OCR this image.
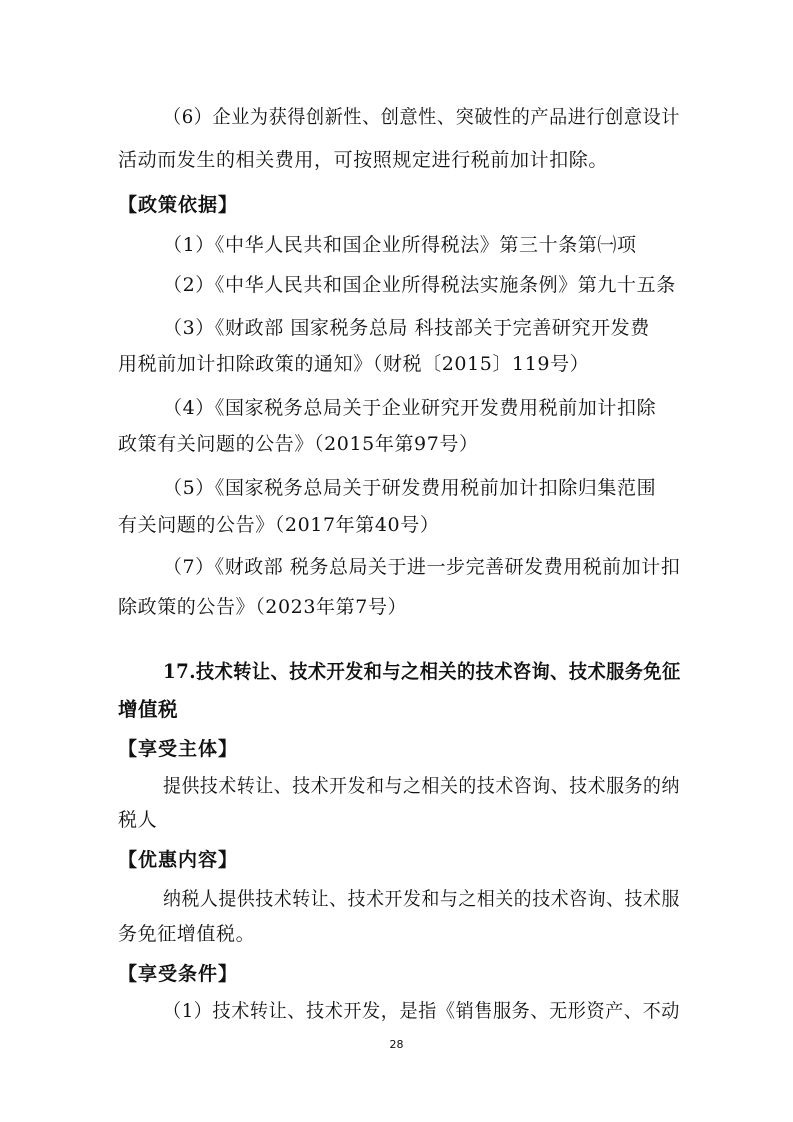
（6）企业为获得创新性、创意性、突破性的产品进行创意设计
活动而发生的相关费用，可按照规定进行税前加计扣除。
【政策依据】
（1）《中华人民共和国企业所得税法》第三十条第㈠项
（2）《中华人民共和国企业所得税法实施条例》第九十五条
（3）《财政部 国家税务总局 科技部关于完善研究开发费
用税前加计扣除政策的通知》（财税〔2015〕119号）
（4）《国家税务总局关于企业研究开发费用税前加计扣除
政策有关问题的公告》（2015年第97号）
（5）《国家税务总局关于研发费用税前加计扣除归集范围
有关问题的公告》（2017年第40号）
（7）《财政部 税务总局关于进一步完善研发费用税前加计扣
除政策的公告》（2023年第7号）
17.技术转让、技术开发和与之相关的技术咨询、技术服务免征
增值税
【享受主体】
提供技术转让、技术开发和与之相关的技术咨询、技术服务的纳
税人
【优惠内容】
纳税人提供技术转让、技术开发和与之相关的技术咨询、技术服
务免征增值税。
【享受条件】
（1）技术转让、技术开发，是指《销售服务、无形资产、不动
28
